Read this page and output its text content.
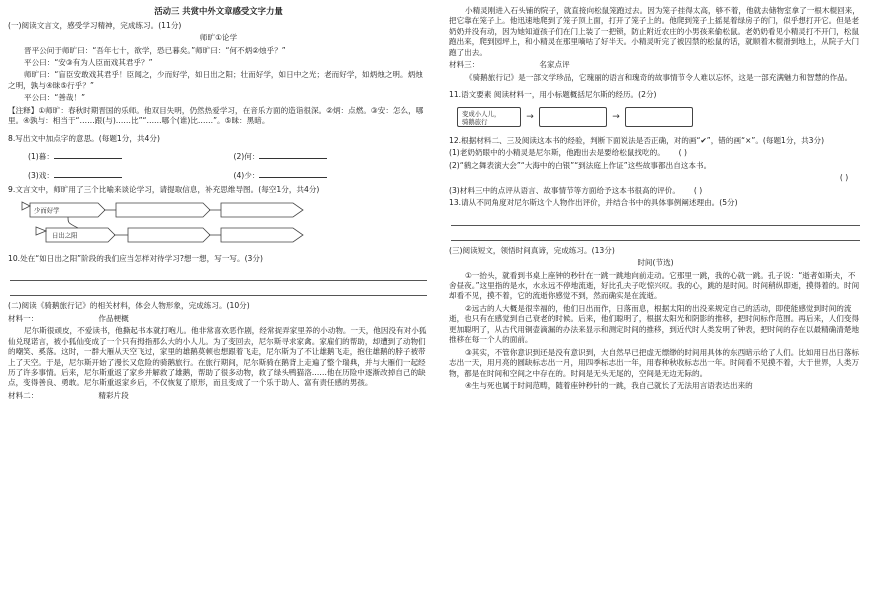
活动三 共赏中外文章感受文字力量

(一)阅读文言文，感受学习精神，完成练习。(11分)

师旷①论学

晋平公问于师旷曰：“吾年七十，欲学，恐已暮矣。”师旷曰：“何不炳②烛乎？”

平公曰：“安③有为人臣而戏其君乎？”

师旷曰：“盲臣安敢戏其君乎！臣闻之，少而好学，如日出之阳；壮而好学，如日中之光；老而好学，如炳烛之明。炳烛之明，孰与④昧⑤行乎？”

平公曰：“善哉！”

【注释】①师旷：春秋时期晋国的乐师。他双目失明，仍然热爱学习，在音乐方面的造诣很深。②炳：点燃。③安：怎么，哪里。④孰与：相当于“……跟(与)……比”“……哪个(谁)比……”。⑤昧：黑暗。

8.写出文中加点字的意思。(每题1分，共4分)

(1)暮：	(2)何：
(3)戏：	(4)少：

9.文言文中，师旷用了三个比喻来谈论学习，请提取信息，补充思维导图。(每空1分，共4分)

少而好学
日出之阳

10.处在“如日出之阳”阶段的我们应当怎样对待学习?想一想，写一写。(3分)

(二)阅读《骑鹅旅行记》的相关材料，体会人物形象，完成练习。(10分)

材料一：	作品梗概

尼尔斯很顽皮，不爱读书，他撕起书本就打咆儿。他非常喜欢恶作剧，经常捉弄家里养的小动物。一天，他因没有对小狐仙兑现诺言，被小狐仙变成了一个只有拇指那么大的小人儿。为了变回去，尼尔斯寻求家禽。家雇们的帮助，却遭到了动物们的嘲笑、奚落。这时，一群大雁从天空飞过，家里的雄鹅莫顿也想跟着飞走，尼尔斯为了不让雄鹅飞走，抱住雄鹅的脖子被带上了天空。于是，尼尔斯开始了漫长又危险的骑鹅旅行。在旅行期间，尼尔斯骑在鹅背上走遍了整个瑞典，并与大雁们一起经历了许多事情。后来，尼尔斯重返了家乡并解救了雄鹅，帮助了很多动物，救了绿头鸭猫洛……他在历险中逐渐改掉自己的缺点，变得善良、勇敢。尼尔斯重返家乡后，不仅恢复了原形，而且变成了一个乐于助人、富有责任感的男孩。

材料二：	精彩片段

小精灵刚进入石头铺的院子，就直接向松鼠笼跑过去。因为笼子挂得太高，够不着，他就去储物室拿了一根木棍回来，把它靠在笼子上。他迅速地爬到了笼子顶上面，打开了笼子上的。他爬到笼子上摇晃着绿房子的门，似乎想打开它。但是老奶奶并没有动，因为她知道孩子们在门上装了一把锁，防止附近农庄的小男孩来偷松鼠。老奶奶看见小精灵打不开门，松鼠跑出来，爬到园坪上，和小精灵在那里嘀咕了好半天。小精灵听完了被囚禁的松鼠的话，就顺着木棍滑到地上，从院子大门跑了出去。

材料三：	名家点评

《骑鹅旅行记》是一部文学珍品，它瑰丽的语言和瑰奇的故事情节令人难以忘怀，这是一部充满魅力和智慧的作品。

11.语文要素 阅读材料一，用小标题概括尼尔斯的经历。(2分)

变成小人儿，
骑鹅旅行
→	→

12.根据材料二、三及阅读这本书的经验，判断下面说法是否正确，对的画“✔”，错的画“×”。(每题1分，共3分)

(1)老奶奶眼中的小精灵是尼尔斯，他跑出去是要给松鼠找吃的。 ( )

(2)“鹤之舞表演大会”“大海中的白银”“到法庭上作证”这些故事都出自这本书。

( )

(3)材料三中的点评从语言、故事情节等方面给予这本书很高的评价。 ( )

13.请从不同角度对尼尔斯这个人物作出评价，并结合书中的具体事例阐述理由。(5分)

(三)阅读短文，领悟时间真谛，完成练习。(13分)

时间(节选)

①一抬头，就看到书桌上座钟的秒针在一跳一跳地向前走动。它那里一跳，我的心就一跳。孔子说：“逝者如斯夫，不舍昼夜。”这里指的是水，水永远不停地流逝，好比孔夫子吃惊兴叹。我的心，跳的是时间。时间稍纵即逝，摸得着的。时间却看不见，摸不着，它的流逝你感觉不到，然而确实是在流逝。

②远古的人大概是很幸福的，他们日出而作，日落而息，根据太阳的出没来规定自己的活动，即使能感觉到时间的流逝，也只有在感觉到自己衰老的时候。后来，他们聪明了，根据太阳光和阴影的推移，把时间标作范围。再后来，人们变得更加聪明了，从古代用铜壶滴漏的办法来显示和测定时间的推移，到近代时人类发明了钟表，把时间的存在以最精确清楚地推移在每一个人的面前。

③其实，不管你意识到还是没有意识到，大自然早已把虚无缥缈的时间用具体的东西暗示给了人们。比如用日出日落标志出一天，用月亮的圆缺标志出一月，用四季标志出一年，用春种秋收标志出一年。时间看不见摸不着，大于世界，人类万物，都是在时间和空间之中存在的。时间是无头无尾的，空间是无边无际的。

④生与死也属于时间范畴，随着座钟秒针的一跳，我自己就长了无法用言语表达出来的
